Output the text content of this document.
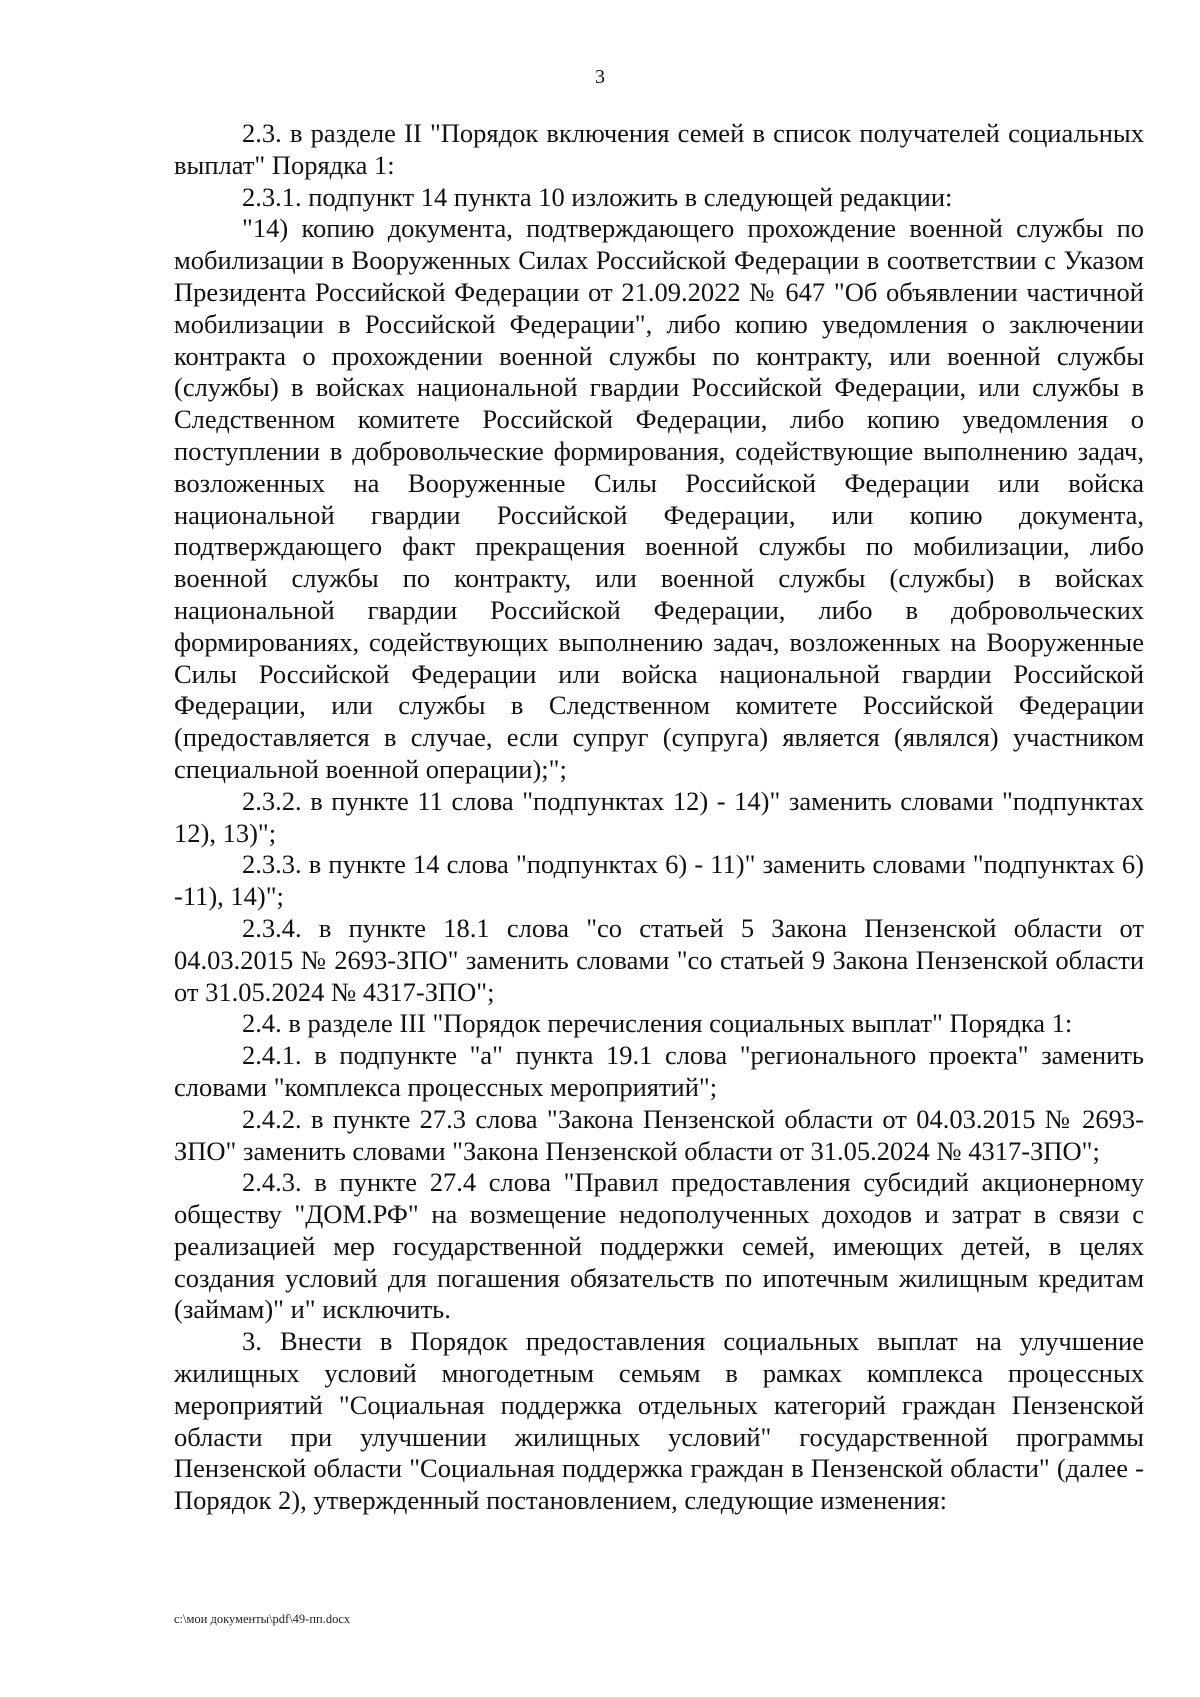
3

2.3. в разделе II "Порядок включения семей в список получателей социальных выплат" Порядка 1:

2.3.1. подпункт 14 пункта 10 изложить в следующей редакции:

"14) копию документа, подтверждающего прохождение военной службы по мобилизации в Вооруженных Силах Российской Федерации в соответствии с Указом Президента Российской Федерации от 21.09.2022 № 647 "Об объявлении частичной мобилизации в Российской Федерации", либо копию уведомления о заключении контракта о прохождении военной службы по контракту, или военной службы (службы) в войсках национальной гвардии Российской Федерации, или службы в Следственном комитете Российской Федерации, либо копию уведомления о поступлении в добровольческие формирования, содействующие выполнению задач, возложенных на Вооруженные Силы Российской Федерации или войска национальной гвардии Российской Федерации, или копию документа, подтверждающего факт прекращения военной службы по мобилизации, либо военной службы по контракту, или военной службы (службы) в войсках национальной гвардии Российской Федерации, либо в добровольческих формированиях, содействующих выполнению задач, возложенных на Вооруженные Силы Российской Федерации или войска национальной гвардии Российской Федерации, или службы в Следственном комитете Российской Федерации (предоставляется в случае, если супруг (супруга) является (являлся) участником специальной военной операции);";

2.3.2. в пункте 11 слова "подпунктах 12) - 14)" заменить словами "подпунктах 12), 13)";

2.3.3. в пункте 14 слова "подпунктах 6) - 11)" заменить словами "подпунктах 6) -11), 14)";

2.3.4. в пункте 18.1 слова "со статьей 5 Закона Пензенской области от 04.03.2015 № 2693-ЗПО" заменить словами "со статьей 9 Закона Пензенской области от 31.05.2024 № 4317-ЗПО";

2.4. в разделе III "Порядок перечисления социальных выплат" Порядка 1:

2.4.1. в подпункте "а" пункта 19.1 слова "регионального проекта" заменить словами "комплекса процессных мероприятий";

2.4.2. в пункте 27.3 слова "Закона Пензенской области от 04.03.2015 № 2693-ЗПО" заменить словами "Закона Пензенской области от 31.05.2024 № 4317-ЗПО";

2.4.3. в пункте 27.4 слова "Правил предоставления субсидий акционерному обществу "ДОМ.РФ" на возмещение недополученных доходов и затрат в связи с реализацией мер государственной поддержки семей, имеющих детей, в целях создания условий для погашения обязательств по ипотечным жилищным кредитам (займам)" и" исключить.

3. Внести в Порядок предоставления социальных выплат на улучшение жилищных условий многодетным семьям в рамках комплекса процессных мероприятий "Социальная поддержка отдельных категорий граждан Пензенской области при улучшении жилищных условий" государственной программы Пензенской области "Социальная поддержка граждан в Пензенской области" (далее - Порядок 2), утвержденный постановлением, следующие изменения:

c:\мои документы\pdf\49-пп.docx
